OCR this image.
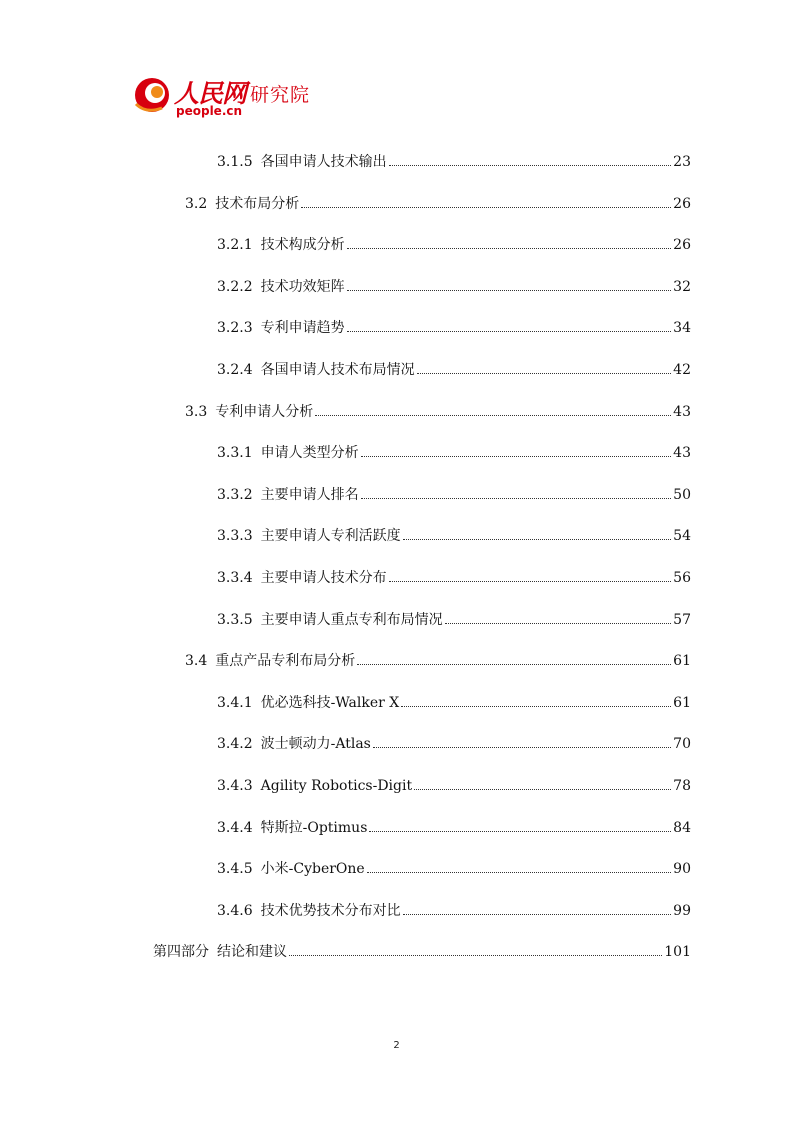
人民网
people.cn
研究院
3.1.5 各国申请人技术输出	23
3.2 技术布局分析	26
3.2.1 技术构成分析	26
3.2.2 技术功效矩阵	32
3.2.3 专利申请趋势	34
3.2.4 各国申请人技术布局情况	42
3.3 专利申请人分析	43
3.3.1 申请人类型分析	43
3.3.2 主要申请人排名	50
3.3.3 主要申请人专利活跃度	54
3.3.4 主要申请人技术分布	56
3.3.5 主要申请人重点专利布局情况	57
3.4 重点产品专利布局分析	61
3.4.1 优必选科技-Walker X	61
3.4.2 波士顿动力-Atlas	70
3.4.3 Agility Robotics-Digit	78
3.4.4 特斯拉-Optimus	84
3.4.5 小米-CyberOne	90
3.4.6 技术优势技术分布对比	99
第四部分 结论和建议	101
2
